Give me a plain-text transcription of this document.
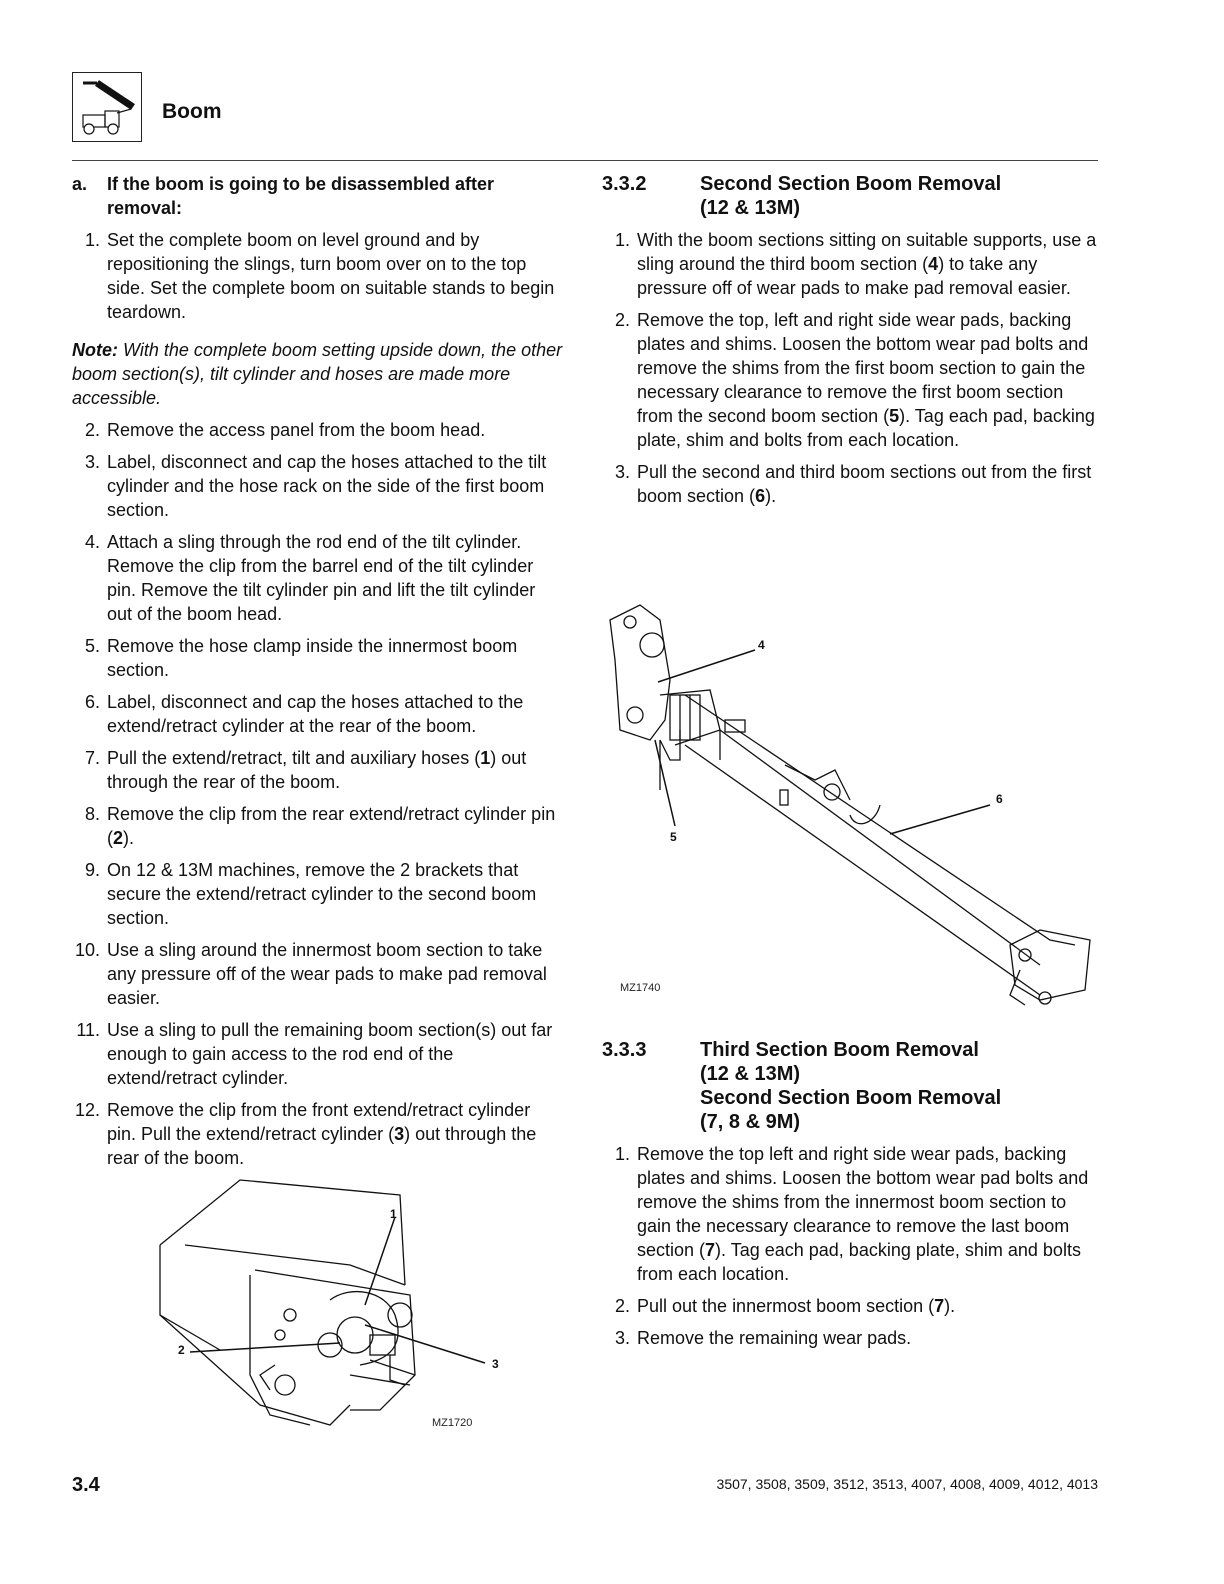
Boom
a.	If the boom is going to be disassembled after removal:
1. Set the complete boom on level ground and by repositioning the slings, turn boom over on to the top side. Set the complete boom on suitable stands to begin teardown.
Note: With the complete boom setting upside down, the other boom section(s), tilt cylinder and hoses are made more accessible.
2. Remove the access panel from the boom head.
3. Label, disconnect and cap the hoses attached to the tilt cylinder and the hose rack on the side of the first boom section.
4. Attach a sling through the rod end of the tilt cylinder. Remove the clip from the barrel end of the tilt cylinder pin. Remove the tilt cylinder pin and lift the tilt cylinder out of the boom head.
5. Remove the hose clamp inside the innermost boom section.
6. Label, disconnect and cap the hoses attached to the extend/retract cylinder at the rear of the boom.
7. Pull the extend/retract, tilt and auxiliary hoses (1) out through the rear of the boom.
8. Remove the clip from the rear extend/retract cylinder pin (2).
9. On 12 & 13M machines, remove the 2 brackets that secure the extend/retract cylinder to the second boom section.
10. Use a sling around the innermost boom section to take any pressure off of the wear pads to make pad removal easier.
11. Use a sling to pull the remaining boom section(s) out far enough to gain access to the rod end of the extend/retract cylinder.
12. Remove the clip from the front extend/retract cylinder pin. Pull the extend/retract cylinder (3) out through the rear of the boom.
1
2
3
MZ1720
3.3.2	Second Section Boom Removal
(12 & 13M)
1. With the boom sections sitting on suitable supports, use a sling around the third boom section (4) to take any pressure off of wear pads to make pad removal easier.
2. Remove the top, left and right side wear pads, backing plates and shims. Loosen the bottom wear pad bolts and remove the shims from the first boom section to gain the necessary clearance to remove the first boom section from the second boom section (5). Tag each pad, backing plate, shim and bolts from each location.
3. Pull the second and third boom sections out from the first boom section (6).
4
5
6
MZ1740
3.3.3	Third Section Boom Removal
(12 & 13M)
Second Section Boom Removal
(7, 8 & 9M)
1. Remove the top left and right side wear pads, backing plates and shims. Loosen the bottom wear pad bolts and remove the shims from the innermost boom section to gain the necessary clearance to remove the last boom section (7). Tag each pad, backing plate, shim and bolts from each location.
2. Pull out the innermost boom section (7).
3. Remove the remaining wear pads.
3.4	3507, 3508, 3509, 3512, 3513, 4007, 4008, 4009, 4012, 4013
